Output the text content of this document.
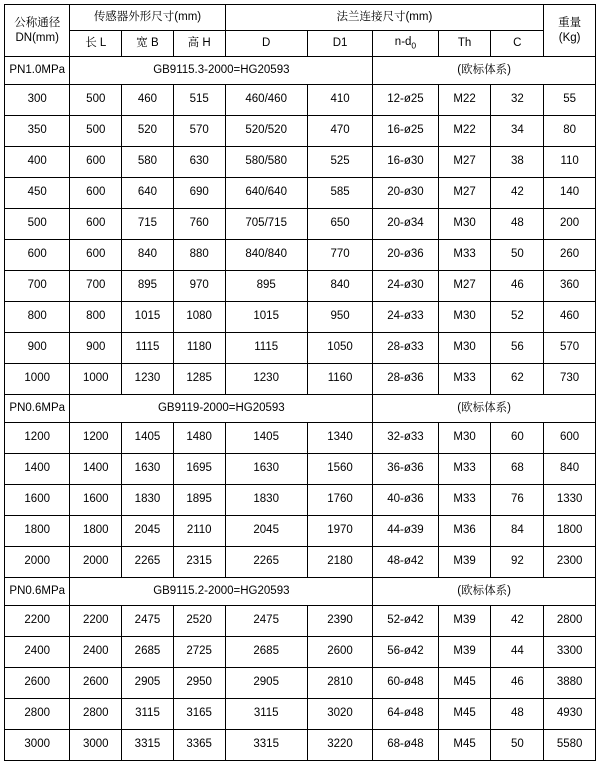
公称通径
DN(mm)	传感器外形尺寸(mm)			法兰连接尺寸(mm)					重量
(Kg)

	长 L	宽 B	高 H	D	D1	$n-d_0$	Th	C	
PN1.0MPa	GB9115.3-2000=HG20593					(欧标体系)			
300	500	460	515	460/460	410	12-ø25	M22	32	55
350	500	520	570	520/520	470	16-ø25	M22	34	80
400	600	580	630	580/580	525	16-ø30	M27	38	110
450	600	640	690	640/640	585	20-ø30	M27	42	140
500	600	715	760	705/715	650	20-ø34	M30	48	200
600	600	840	880	840/840	770	20-ø36	M33	50	260
700	700	895	970	895	840	24-ø30	M27	46	360
800	800	1015	1080	1015	950	24-ø33	M30	52	460
900	900	1115	1180	1115	1050	28-ø33	M30	56	570
1000	1000	1230	1285	1230	1160	28-ø36	M33	62	730
PN0.6MPa	GB9119-2000=HG20593					(欧标体系)			
1200	1200	1405	1480	1405	1340	32-ø33	M30	60	600
1400	1400	1630	1695	1630	1560	36-ø36	M33	68	840
1600	1600	1830	1895	1830	1760	40-ø36	M33	76	1330
1800	1800	2045	2110	2045	1970	44-ø39	M36	84	1800
2000	2000	2265	2315	2265	2180	48-ø42	M39	92	2300
PN0.6MPa	GB9115.2-2000=HG20593					(欧标体系)			
2200	2200	2475	2520	2475	2390	52-ø42	M39	42	2800
2400	2400	2685	2725	2685	2600	56-ø42	M39	44	3300
2600	2600	2905	2950	2905	2810	60-ø48	M45	46	3880
2800	2800	3115	3165	3115	3020	64-ø48	M45	48	4930
3000	3000	3315	3365	3315	3220	68-ø48	M45	50	5580
